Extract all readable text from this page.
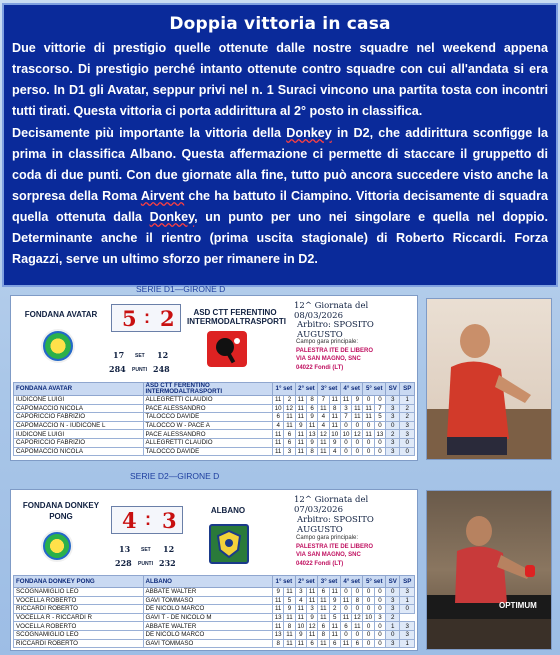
Doppia vittoria in casa

Due vittorie di prestigio quelle ottenute dalle nostre squadre nel weekend appena trascorso. Di prestigio perché intanto ottenute contro squadre con cui all'andata si era perso. In D1 gli Avatar, seppur privi nel n. 1 Suraci vincono una partita tosta con incontri tutti tirati. Questa vittoria ci porta addirittura al 2° posto in classifica.

Decisamente più importante la vittoria della Donkey in D2, che addirittura sconfigge la prima in classifica Albano. Questa affermazione ci permette di staccare il gruppetto di coda di due punti. Con due giornate alla fine, tutto può ancora succedere visto anche la sorpresa della Roma Airvent che ha battuto il Ciampino. Vittoria decisamente di squadra quella ottenuta dalla Donkey, un punto per uno nei singolare e quella nel doppio. Determinante anche il rientro (prima uscita stagionale) di Roberto Riccardi. Forza Ragazzi, serve un ultimo sforzo per rimanere in D2.

SERIE D1—GIRONE D
FONDANA AVATAR	5 : 2
17 SET 12
284 PUNTI 248
ASD CTT FERENTINO INTERMODALTRASPORTI
12^ Giornata del 08/03/2026
Arbitro: SPOSITO AUGUSTO
Campo gara principale:
PALESTRA ITE DE LIBERO
VIA SAN MAGNO, SNC
04022 Fondi (LT)
FONDANA AVATAR	ASD CTT FERENTINO INTERMODALTRASPORTI	1° set		2° set		3° set		4° set		5° set		SV	SP
IUDICONE LUIGI	ALLEGRETTI CLAUDIO	11	2	11	8	7	11	11	9	0	0	3	1
CAPOMACCIO NICOLA	PACE ALESSANDRO	10	12	11	6	11	8	3	11	11	7	3	2
CAPORICCIO FABRIZIO	TALOCCO DAVIDE	6	11	11	9	4	11	7	11	11	5	3	2
CAPOMACCIO N - IUDICONE L	TALOCCO W - PACE A	4	11	9	11	4	11	0	0	0	0	0	3
IUDICONE LUIGI	PACE ALESSANDRO	11	6	11	13	12	10	10	12	11	13	2	3
CAPORICCIO FABRIZIO	ALLEGRETTI CLAUDIO	11	6	11	9	11	9	0	0	0	0	3	0
CAPOMACCIO NICOLA	TALOCCO DAVIDE	11	3	11	8	11	4	0	0	0	0	3	0
SERIE D2—GIRONE D
FONDANA DONKEY PONG	4 : 3
13 SET 12
228 PUNTI 232
ALBANO
12^ Giornata del 07/03/2026
Arbitro: SPOSITO AUGUSTO
Campo gara principale:
PALESTRA ITE DE LIBERO
VIA SAN MAGNO, SNC
04022 Fondi (LT)
FONDANA DONKEY PONG	ALBANO	1° set		2° set		3° set		4° set		5° set		SV	SP
SCOGNAMIGLIO LEO	ABBATE WALTER	9	11	3	11	6	11	0	0	0	0	0	3
VOCELLA ROBERTO	GAVI TOMMASO	11	5	4	11	11	9	11	8	0	0	3	1
RICCARDI ROBERTO	DE NICOLO MARCO	11	9	11	3	11	2	0	0	0	0	3	0
VOCELLA R - RICCARDI R	GAVI T - DE NICOLO M	13	11	11	9	11	5	11	12	10	3	2	
VOCELLA ROBERTO	ABBATE WALTER	11	8	10	12	6	11	6	11	0	0	1	3
SCOGNAMIGLIO LEO	DE NICOLO MARCO	13	11	9	11	8	11	0	0	0	0	0	3
RICCARDI ROBERTO	GAVI TOMMASO	8	11	11	6	11	6	11	6	0	0	3	1
OPTIMUM
